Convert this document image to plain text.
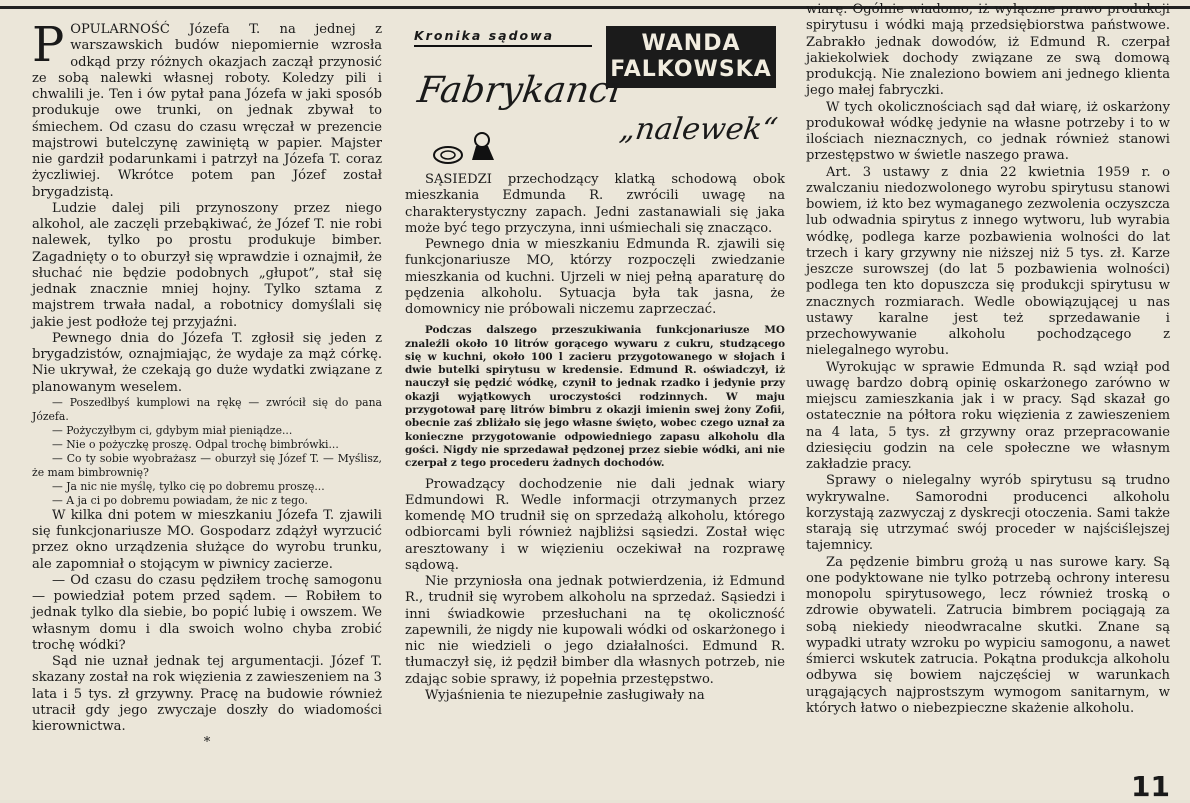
POPULARNOŚĆ Józefa T. na jednej z warszawskich budów niepomiernie wzrosła odkąd przy różnych okazjach zaczął przynosić ze sobą nalewki własnej roboty. Koledzy pili i chwalili je. Ten i ów pytał pana Józefa w jaki sposób produkuje owe trunki, on jednak zbywał to śmiechem. Od czasu do czasu wręczał w prezencie majstrowi butelczynę zawiniętą w papier. Majster nie gardził podarunkami i patrzył na Józefa T. coraz życzliwiej. Wkrótce potem pan Józef został brygadzistą.

Ludzie dalej pili przynoszony przez niego alkohol, ale zaczęli przebąkiwać, że Józef T. nie robi nalewek, tylko po prostu produkuje bimber. Zagadnięty o to oburzył się wprawdzie i oznajmił, że słuchać nie będzie podobnych „głupot”, stał się jednak znacznie mniej hojny. Tylko sztama z majstrem trwała nadal, a robotnicy domyślali się jakie jest podłoże tej przyjaźni.

Pewnego dnia do Józefa T. zgłosił się jeden z brygadzistów, oznajmiając, że wydaje za mąż córkę. Nie ukrywał, że czekają go duże wydatki związane z planowanym weselem.

— Poszedłbyś kumplowi na rękę — zwrócił się do pana Józefa.

— Pożyczyłbym ci, gdybym miał pieniądze...

— Nie o pożyczkę proszę. Odpal trochę bimbrówki...

— Co ty sobie wyobrażasz — oburzył się Józef T. — Myślisz, że mam bimbrownię?

— Ja nic nie myślę, tylko cię po dobremu proszę...

— A ja ci po dobremu powiadam, że nic z tego.

W kilka dni potem w mieszkaniu Józefa T. zjawili się funkcjonariusze MO. Gospodarz zdążył wyrzucić przez okno urządzenia służące do wyrobu trunku, ale zapomniał o stojącym w piwnicy zacierze.

— Od czasu do czasu pędziłem trochę samogonu — powiedział potem przed sądem. — Robiłem to jednak tylko dla siebie, bo popić lubię i owszem. We własnym domu i dla swoich wolno chyba zrobić trochę wódki?

Sąd nie uznał jednak tej argumentacji. Józef T. skazany został na rok więzienia z zawieszeniem na 3 lata i 5 tys. zł grzywny. Pracę na budowie również utracił gdy jego zwyczaje doszły do wiadomości kierownictwa.

*

Kronika sądowa	WANDA
FALKOWSKA
Fabrykanci
„nalewek“

SĄSIEDZI przechodzący klatką schodową obok mieszkania Edmunda R. zwrócili uwagę na charakterystyczny zapach. Jedni zastanawiali się jaka może być tego przyczyna, inni uśmiechali się znacząco.

Pewnego dnia w mieszkaniu Edmunda R. zjawili się funkcjonariusze MO, którzy rozpoczęli zwiedzanie mieszkania od kuchni. Ujrzeli w niej pełną aparaturę do pędzenia alkoholu. Sytuacja była tak jasna, że domownicy nie próbowali niczemu zaprzeczać.

Podczas dalszego przeszukiwania funkcjonariusze MO znaleźli około 10 litrów gorącego wywaru z cukru, studzącego się w kuchni, około 100 l zacieru przygotowanego w słojach i dwie butelki spirytusu w kredensie. Edmund R. oświadczył, iż nauczył się pędzić wódkę, czynił to jednak rzadko i jedynie przy okazji wyjątkowych uroczystości rodzinnych. W maju przygotował parę litrów bimbru z okazji imienin swej żony Zofii, obecnie zaś zbliżało się jego własne święto, wobec czego uznał za konieczne przygotowanie odpowiedniego zapasu alkoholu dla gości. Nigdy nie sprzedawał pędzonej przez siebie wódki, ani nie czerpał z tego procederu żadnych dochodów.

Prowadzący dochodzenie nie dali jednak wiary Edmundowi R. Wedle informacji otrzymanych przez komendę MO trudnił się on sprzedażą alkoholu, którego odbiorcami byli również najbliżsi sąsiedzi. Został więc aresztowany i w więzieniu oczekiwał na rozprawę sądową.

Nie przyniosła ona jednak potwierdzenia, iż Edmund R., trudnił się wyrobem alkoholu na sprzedaż. Sąsiedzi i inni świadkowie przesłuchani na tę okoliczność zapewnili, że nigdy nie kupowali wódki od oskarżonego i nic nie wiedzieli o jego działalności. Edmund R. tłumaczył się, iż pędził bimber dla własnych potrzeb, nie zdając sobie sprawy, iż popełnia przestępstwo.

Wyjaśnienia te niezupełnie zasługiwały na

wiarę. Ogólnie wiadomo, iż wyłączne prawo produkcji spirytusu i wódki mają przedsiębiorstwa państwowe. Zabrakło jednak dowodów, iż Edmund R. czerpał jakiekolwiek dochody związane ze swą domową produkcją. Nie znaleziono bowiem ani jednego klienta jego małej fabryczki.

W tych okolicznościach sąd dał wiarę, iż oskarżony produkował wódkę jedynie na własne potrzeby i to w ilościach nieznacznych, co jednak również stanowi przestępstwo w świetle naszego prawa.

Art. 3 ustawy z dnia 22 kwietnia 1959 r. o zwalczaniu niedozwolonego wyrobu spirytusu stanowi bowiem, iż kto bez wymaganego zezwolenia oczyszcza lub odwadnia spirytus z innego wytworu, lub wyrabia wódkę, podlega karze pozbawienia wolności do lat trzech i kary grzywny nie niższej niż 5 tys. zł. Karze jeszcze surowszej (do lat 5 pozbawienia wolności) podlega ten kto dopuszcza się produkcji spirytusu w znacznych rozmiarach. Wedle obowiązującej u nas ustawy karalne jest też sprzedawanie i przechowywanie alkoholu pochodzącego z nielegalnego wyrobu.

Wyrokując w sprawie Edmunda R. sąd wziął pod uwagę bardzo dobrą opinię oskarżonego zarówno w miejscu zamieszkania jak i w pracy. Sąd skazał go ostatecznie na półtora roku więzienia z zawieszeniem na 4 lata, 5 tys. zł grzywny oraz przepracowanie dziesięciu godzin na cele społeczne we własnym zakładzie pracy.

Sprawy o nielegalny wyrób spirytusu są trudno wykrywalne. Samorodni producenci alkoholu korzystają zazwyczaj z dyskrecji otoczenia. Sami także starają się utrzymać swój proceder w najściślejszej tajemnicy.

Za pędzenie bimbru grożą u nas surowe kary. Są one podyktowane nie tylko potrzebą ochrony interesu monopolu spirytusowego, lecz również troską o zdrowie obywateli. Zatrucia bimbrem pociągają za sobą niekiedy nieodwracalne skutki. Znane są wypadki utraty wzroku po wypiciu samogonu, a nawet śmierci wskutek zatrucia. Pokątna produkcja alkoholu odbywa się bowiem najczęściej w warunkach urągających najprostszym wymogom sanitarnym, w których łatwo o niebezpieczne skażenie alkoholu.

11
